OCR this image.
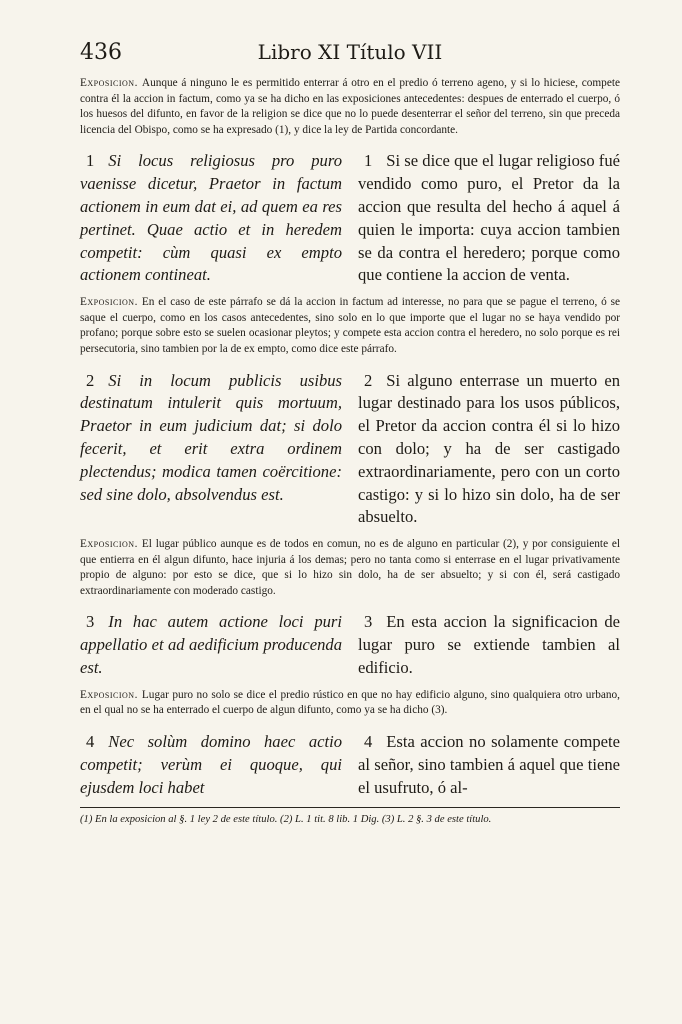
436	Libro XI Título VII

Exposicion. Aunque á ninguno le es permitido enterrar á otro en el predio ó terreno ageno, y si lo hiciese, compete contra él la accion in factum, como ya se ha dicho en las exposiciones antecedentes: despues de enterrado el cuerpo, ó los huesos del difunto, en favor de la religion se dice que no lo puede desenterrar el señor del terreno, sin que preceda licencia del Obispo, como se ha expresado (1), y dice la ley de Partida concordante.

1 Si locus religiosus pro puro vaenisse dicetur, Praetor in factum actionem in eum dat ei, ad quem ea res pertinet. Quae actio et in heredem competit: cùm quasi ex empto actionem contineat.

1 Si se dice que el lugar religioso fué vendido como puro, el Pretor da la accion que resulta del hecho á aquel á quien le importa: cuya accion tambien se da contra el heredero; porque como que contiene la accion de venta.

Exposicion. En el caso de este párrafo se dá la accion in factum ad interesse, no para que se pague el terreno, ó se saque el cuerpo, como en los casos antecedentes, sino solo en lo que importe que el lugar no se haya vendido por profano; porque sobre esto se suelen ocasionar pleytos; y compete esta accion contra el heredero, no solo porque es rei persecutoria, sino tambien por la de ex empto, como dice este párrafo.

2 Si in locum publicis usibus destinatum intulerit quis mortuum, Praetor in eum judicium dat; si dolo fecerit, et erit extra ordinem plectendus; modica tamen coërcitione: sed sine dolo, absolvendus est.

2 Si alguno enterrase un muerto en lugar destinado para los usos públicos, el Pretor da accion contra él si lo hizo con dolo; y ha de ser castigado extraordinariamente, pero con un corto castigo: y si lo hizo sin dolo, ha de ser absuelto.

Exposicion. El lugar público aunque es de todos en comun, no es de alguno en particular (2), y por consiguiente el que entierra en él algun difunto, hace injuria á los demas; pero no tanta como si enterrase en el lugar privativamente propio de alguno: por esto se dice, que si lo hizo sin dolo, ha de ser absuelto; y si con él, será castigado extraordinariamente con moderado castigo.

3 In hac autem actione loci puri appellatio et ad aedificium producenda est.

3 En esta accion la significacion de lugar puro se extiende tambien al edificio.

Exposicion. Lugar puro no solo se dice el predio rústico en que no hay edificio alguno, sino qualquiera otro urbano, en el qual no se ha enterrado el cuerpo de algun difunto, como ya se ha dicho (3).

4 Nec solùm domino haec actio competit; verùm ei quoque, qui ejusdem loci habet

4 Esta accion no solamente compete al señor, sino tambien á aquel que tiene el usufruto, ó al-

(1) En la exposicion al §. 1 ley 2 de este título. (2) L. 1 tit. 8 lib. 1 Dig. (3) L. 2 §. 3 de este título.
